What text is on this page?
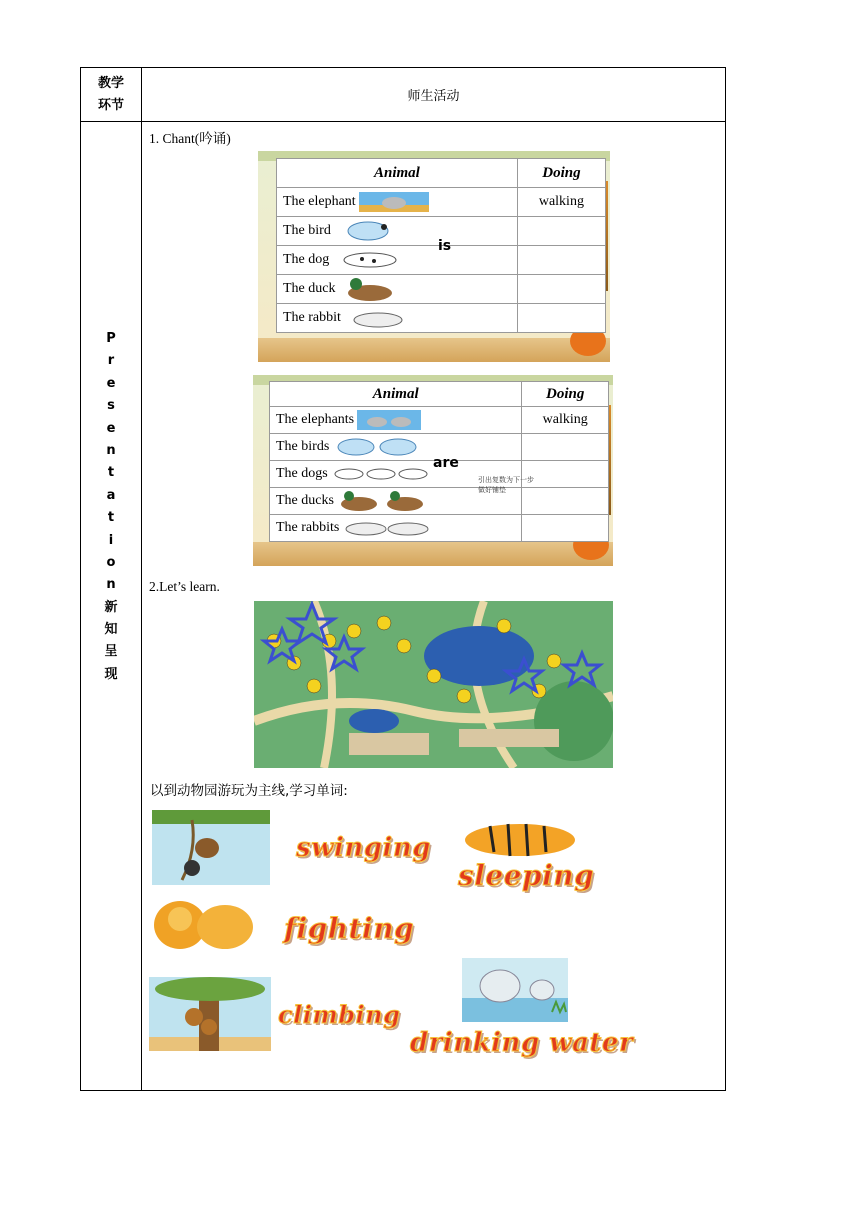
教学
环节
师生活动
P
r
e
s
e
n
t
a
t
i
o
n
新
知
呈
现
1. Chant(吟诵)
Animal	Doing
The elephant	walking
The bird	
The dog	
The duck	
The rabbit	
is
Animal	Doing
The elephants	walking
The birds	
The dogs	
The ducks	
The rabbits	
are
引出复数为下一步
做好铺垫
2.Let’s learn.
以到动物园游玩为主线,学习单词:
swinging
sleeping
fighting
climbing
drinking water
